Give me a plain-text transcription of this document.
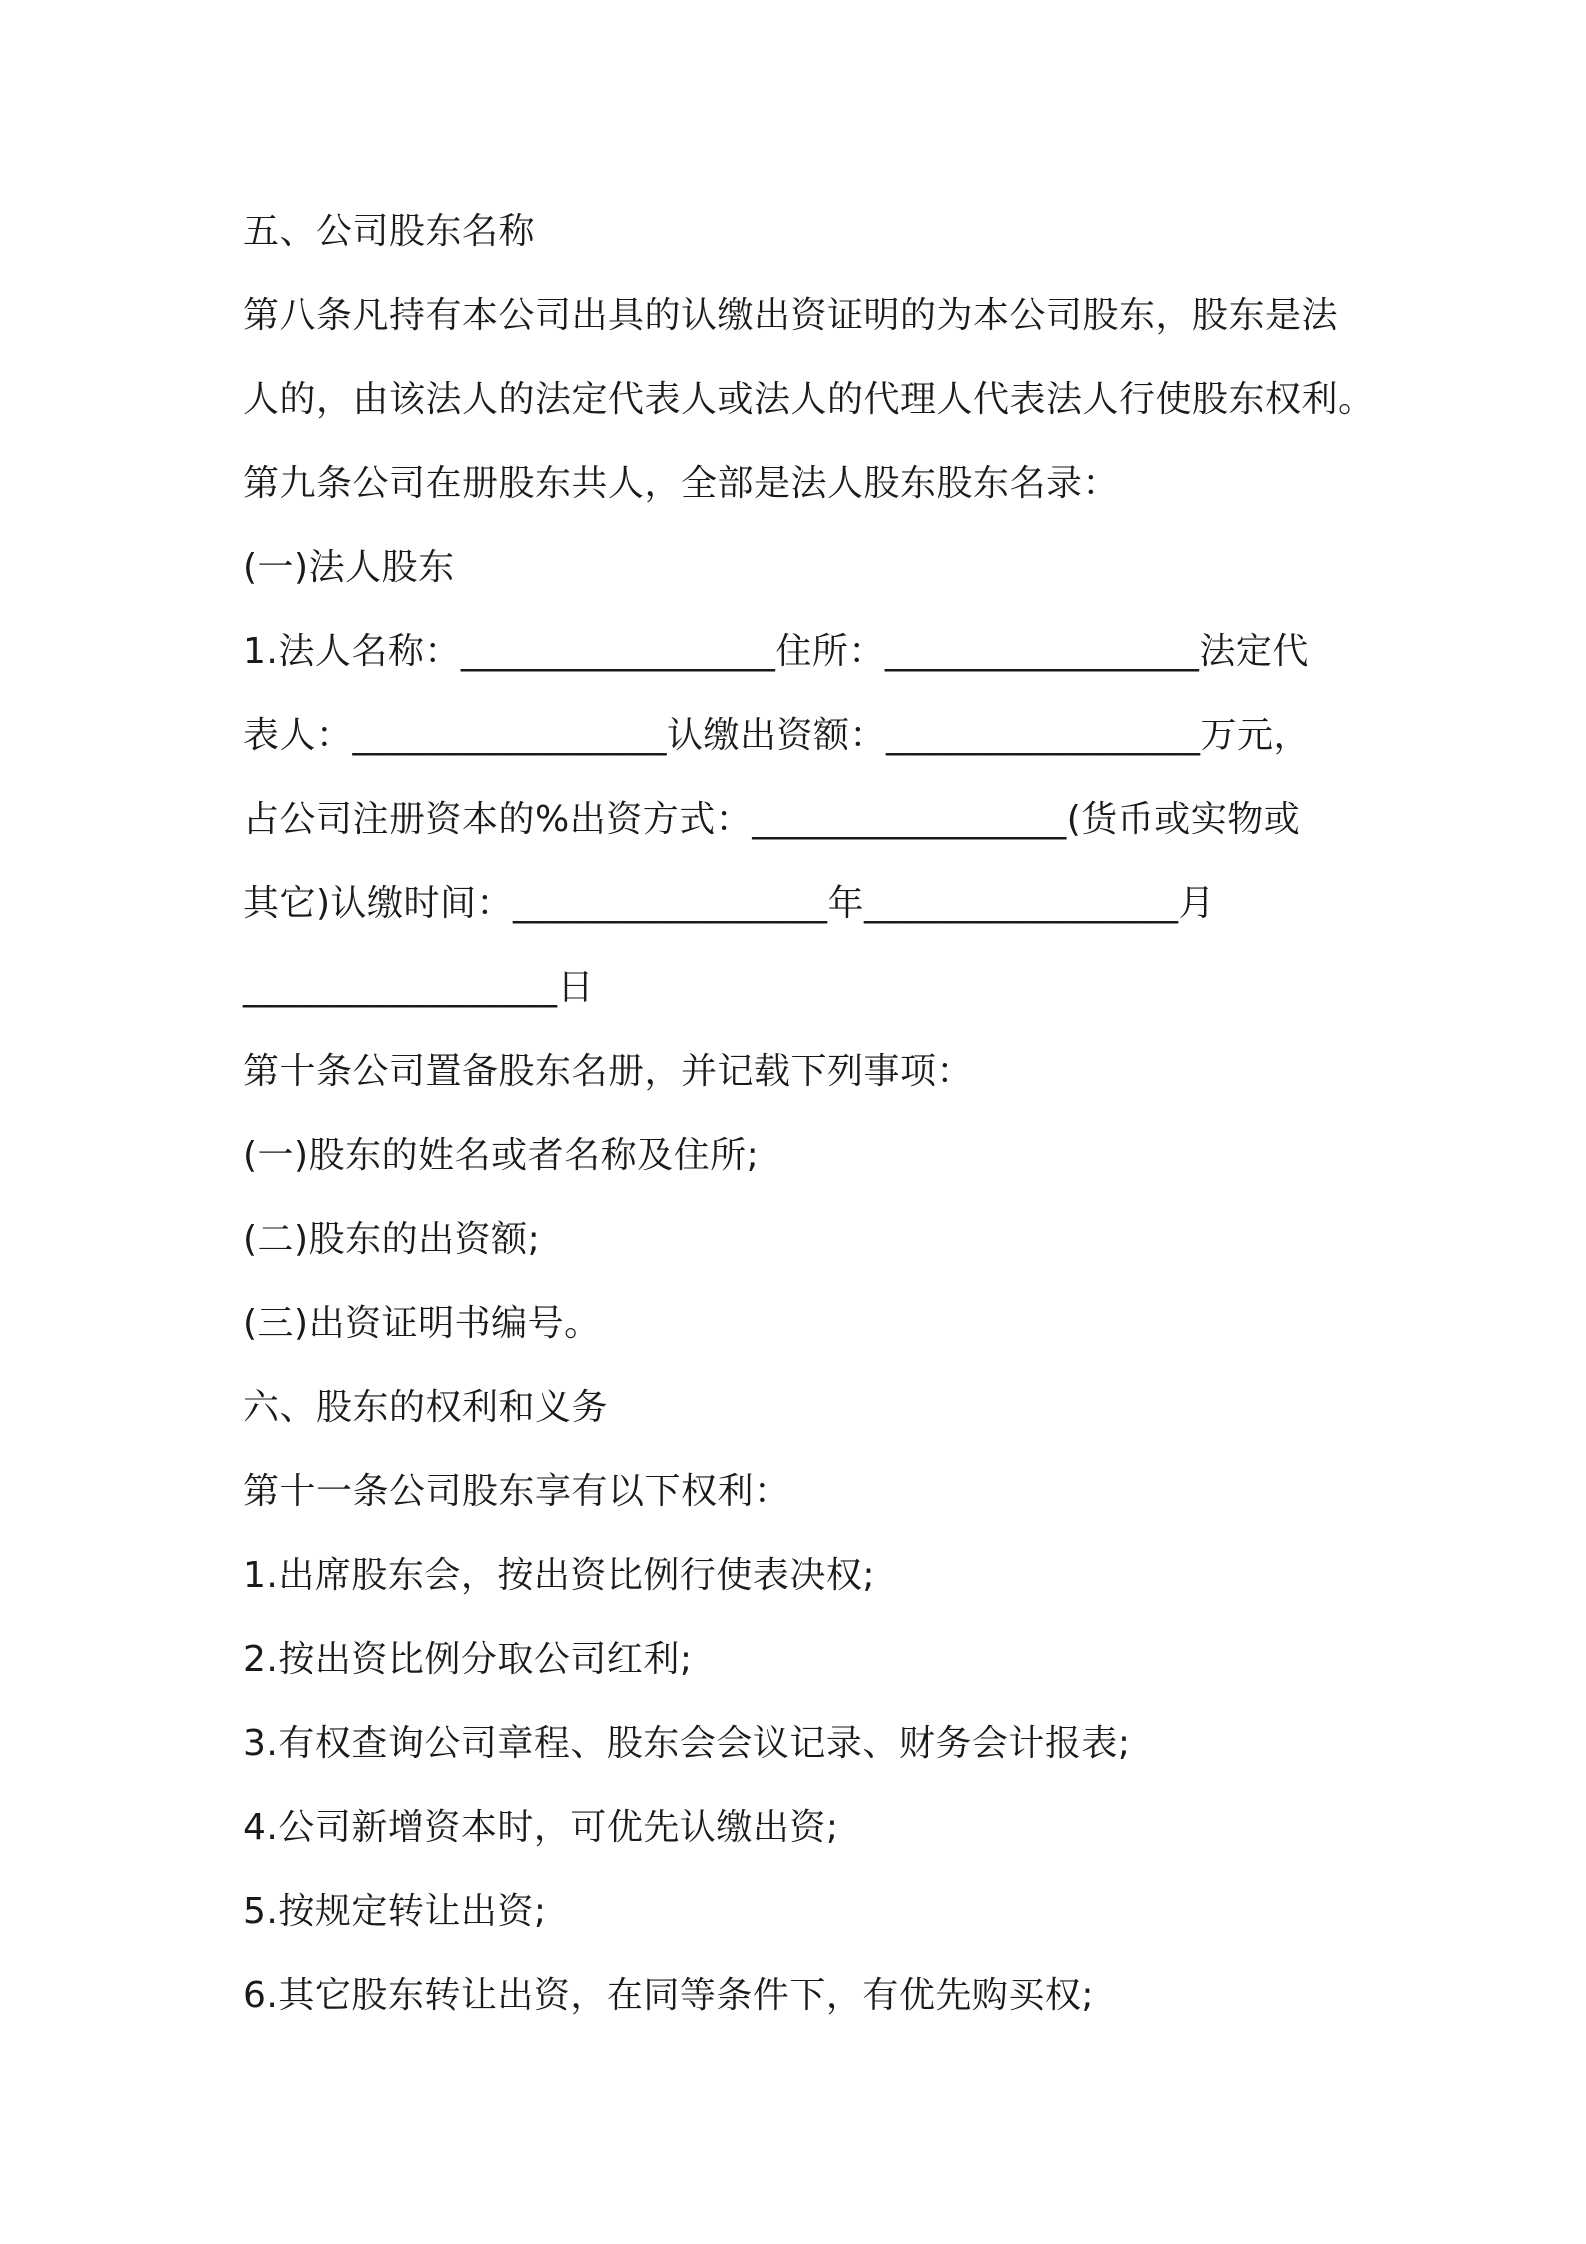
五、公司股东名称
第八条凡持有本公司出具的认缴出资证明的为本公司股东，股东是法
人的，由该法人的法定代表人或法人的代理人代表法人行使股东权利。
第九条公司在册股东共人，全部是法人股东股东名录：
(一)法人股东
1.法人名称：_________________住所：_________________法定代
表人：_________________认缴出资额：_________________万元，
占公司注册资本的%出资方式：_________________(货币或实物或
其它)认缴时间：_________________年_________________月
_________________日
第十条公司置备股东名册，并记载下列事项：
(一)股东的姓名或者名称及住所;
(二)股东的出资额;
(三)出资证明书编号。
六、股东的权利和义务
第十一条公司股东享有以下权利：
1.出席股东会，按出资比例行使表决权;
2.按出资比例分取公司红利;
3.有权查询公司章程、股东会会议记录、财务会计报表;
4.公司新增资本时，可优先认缴出资;
5.按规定转让出资;
6.其它股东转让出资，在同等条件下，有优先购买权;
